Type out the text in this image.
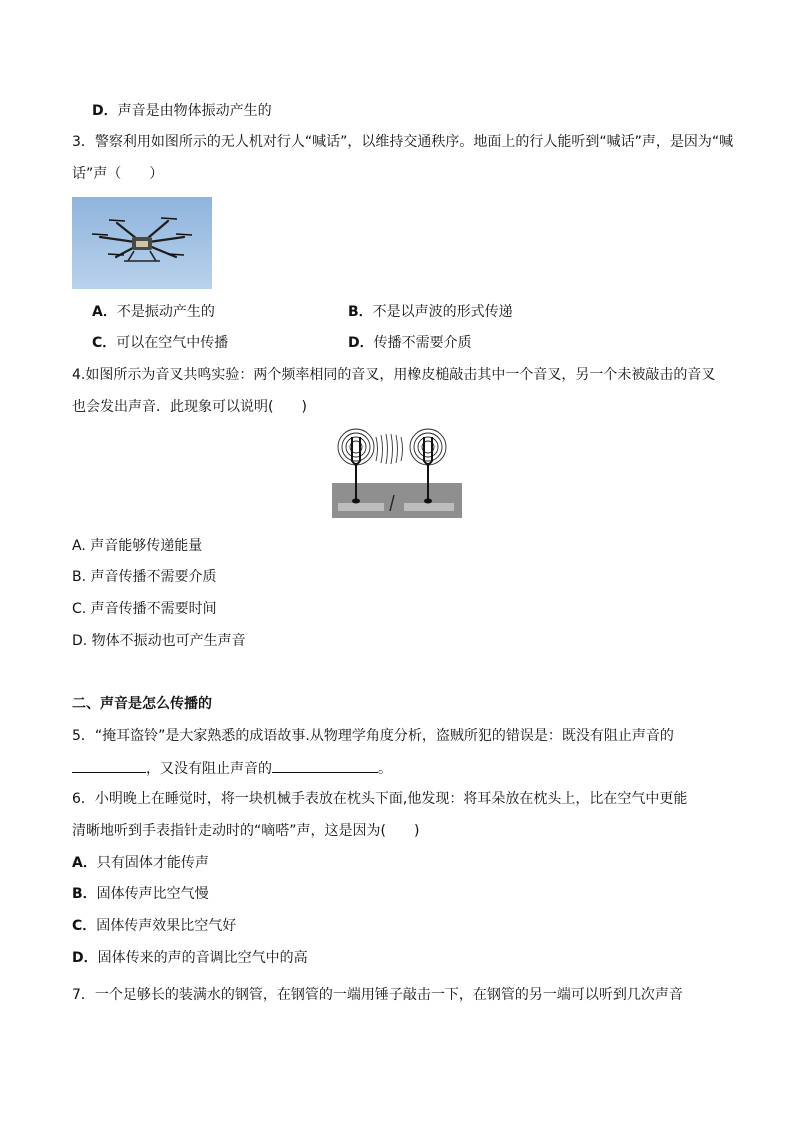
D．声音是由物体振动产生的
3．警察利用如图所示的无人机对行人“喊话”，以维持交通秩序。地面上的行人能听到“喊话”声，是因为“喊
话”声（　　）
A．不是振动产生的	B．不是以声波的形式传递
C．可以在空气中传播	D．传播不需要介质
4.如图所示为音叉共鸣实验：两个频率相同的音叉，用橡皮槌敲击其中一个音叉，另一个未被敲击的音叉
也会发出声音．此现象可以说明(　　)
A. 声音能够传递能量
B. 声音传播不需要介质
C. 声音传播不需要时间
D. 物体不振动也可产生声音
二、声音是怎么传播的
5．“掩耳盗铃”是大家熟悉的成语故事.从物理学角度分析，盗贼所犯的错误是：既没有阻止声音的
，又没有阻止声音的	。
6．小明晚上在睡觉时，将一块机械手表放在枕头下面,他发现：将耳朵放在枕头上，比在空气中更能
清晰地听到手表指针走动时的“嘀嗒”声，这是因为(　　)
A．只有固体才能传声
B．固体传声比空气慢
C．固体传声效果比空气好
D．固体传来的声的音调比空气中的高
7．一个足够长的装满水的钢管，在钢管的一端用锤子敲击一下，在钢管的另一端可以听到几次声音
